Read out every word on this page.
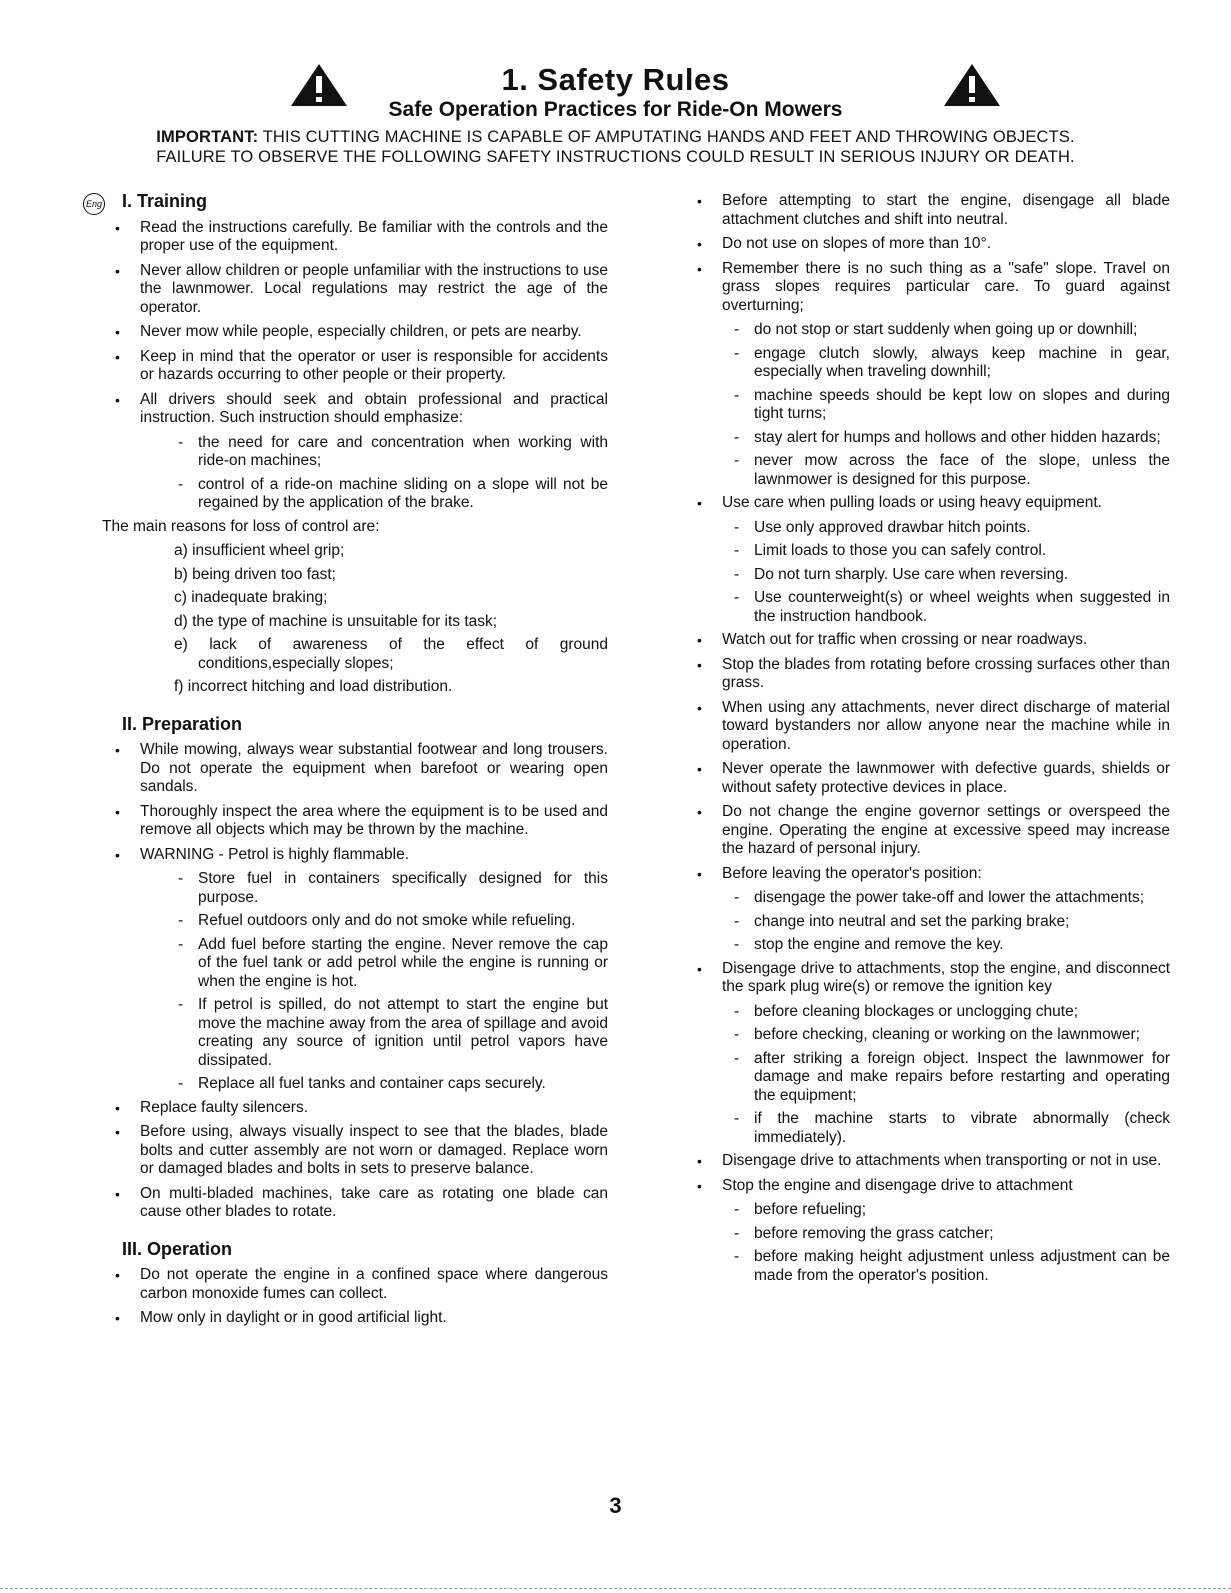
1. Safety Rules
Safe Operation Practices for Ride-On Mowers
IMPORTANT: THIS CUTTING MACHINE IS CAPABLE OF AMPUTATING HANDS AND FEET AND THROWING OBJECTS.
FAILURE TO OBSERVE THE FOLLOWING SAFETY INSTRUCTIONS COULD RESULT IN SERIOUS INJURY OR DEATH.
Eng I. Training

• Read the instructions carefully. Be familiar with the controls and the proper use of the equipment.

• Never allow children or people unfamiliar with the instructions to use the lawnmower. Local regulations may restrict the age of the operator.

• Never mow while people, especially children, or pets are nearby.

• Keep in mind that the operator or user is responsible for accidents or hazards occurring to other people or their property.

• All drivers should seek and obtain professional and practical instruction. Such instruction should emphasize:

- the need for care and concentration when working with ride-on machines;

- control of a ride-on machine sliding on a slope will not be regained by the application of the brake.

The main reasons for loss of control are:

a) insufficient wheel grip;

b) being driven too fast;

c) inadequate braking;

d) the type of machine is unsuitable for its task;

e) lack of awareness of the effect of ground conditions,especially slopes;

f) incorrect hitching and load distribution.

II. Preparation

• While mowing, always wear substantial footwear and long trousers. Do not operate the equipment when barefoot or wearing open sandals.

• Thoroughly inspect the area where the equipment is to be used and remove all objects which may be thrown by the machine.

• WARNING - Petrol is highly flammable.

- Store fuel in containers specifically designed for this purpose.

- Refuel outdoors only and do not smoke while refueling.

- Add fuel before starting the engine. Never remove the cap of the fuel tank or add petrol while the engine is running or when the engine is hot.

- If petrol is spilled, do not attempt to start the engine but move the machine away from the area of spillage and avoid creating any source of ignition until petrol vapors have dissipated.

- Replace all fuel tanks and container caps securely.

• Replace faulty silencers.

• Before using, always visually inspect to see that the blades, blade bolts and cutter assembly are not worn or damaged. Replace worn or damaged blades and bolts in sets to preserve balance.

• On multi-bladed machines, take care as rotating one blade can cause other blades to rotate.

III. Operation

• Do not operate the engine in a confined space where dangerous carbon monoxide fumes can collect.

• Mow only in daylight or in good artificial light.

• Before attempting to start the engine, disengage all blade attachment clutches and shift into neutral.

• Do not use on slopes of more than 10°.

• Remember there is no such thing as a "safe" slope. Travel on grass slopes requires particular care. To guard against overturning;

- do not stop or start suddenly when going up or downhill;

- engage clutch slowly, always keep machine in gear, especially when traveling downhill;

- machine speeds should be kept low on slopes and during tight turns;

- stay alert for humps and hollows and other hidden hazards;

- never mow across the face of the slope, unless the lawnmower is designed for this purpose.

• Use care when pulling loads or using heavy equipment.

- Use only approved drawbar hitch points.

- Limit loads to those you can safely control.

- Do not turn sharply. Use care when reversing.

- Use counterweight(s) or wheel weights when suggested in the instruction handbook.

• Watch out for traffic when crossing or near roadways.

• Stop the blades from rotating before crossing surfaces other than grass.

• When using any attachments, never direct discharge of material toward bystanders nor allow anyone near the machine while in operation.

• Never operate the lawnmower with defective guards, shields or without safety protective devices in place.

• Do not change the engine governor settings or overspeed the engine. Operating the engine at excessive speed may increase the hazard of personal injury.

• Before leaving the operator's position:

- disengage the power take-off and lower the attachments;

- change into neutral and set the parking brake;

- stop the engine and remove the key.

• Disengage drive to attachments, stop the engine, and disconnect the spark plug wire(s) or remove the ignition key

- before cleaning blockages or unclogging chute;

- before checking, cleaning or working on the lawnmower;

- after striking a foreign object. Inspect the lawnmower for damage and make repairs before restarting and operating the equipment;

- if the machine starts to vibrate abnormally (check immediately).

• Disengage drive to attachments when transporting or not in use.

• Stop the engine and disengage drive to attachment

- before refueling;

- before removing the grass catcher;

- before making height adjustment unless adjustment can be made from the operator's position.

3
